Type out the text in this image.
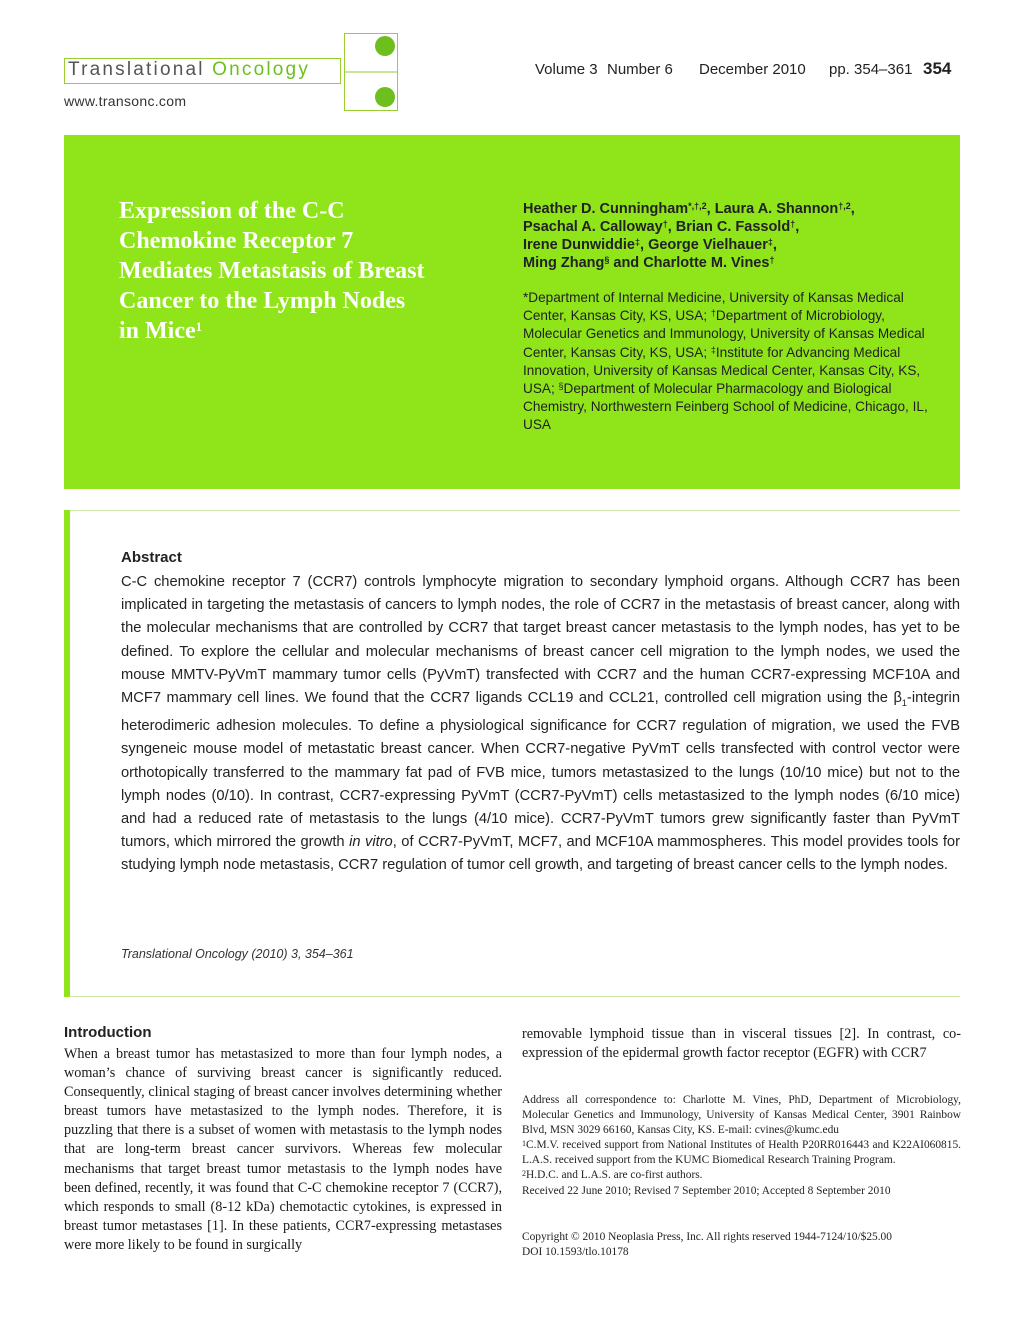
Translational Oncology
www.transonc.com
Volume 3 Number 6 December 2010 pp. 354–361 354
Expression of the C-C Chemokine Receptor 7 Mediates Metastasis of Breast Cancer to the Lymph Nodes in Mice$^1$
Heather D. Cunningham$^{*,\dagger,2}$, Laura A. Shannon$^{\dagger,2}$,
Psachal A. Calloway†, Brian C. Fassold†,
Irene Dunwiddie‡, George Vielhauer‡,
Ming Zhang§ and Charlotte M. Vines†
*Department of Internal Medicine, University of Kansas Medical Center, Kansas City, KS, USA; †Department of Microbiology, Molecular Genetics and Immunology, University of Kansas Medical Center, Kansas City, KS, USA; ‡Institute for Advancing Medical Innovation, University of Kansas Medical Center, Kansas City, KS, USA; §Department of Molecular Pharmacology and Biological Chemistry, Northwestern Feinberg School of Medicine, Chicago, IL, USA
Abstract
C-C chemokine receptor 7 (CCR7) controls lymphocyte migration to secondary lymphoid organs. Although CCR7 has been implicated in targeting the metastasis of cancers to lymph nodes, the role of CCR7 in the metastasis of breast cancer, along with the molecular mechanisms that are controlled by CCR7 that target breast cancer metastasis to the lymph nodes, has yet to be defined. To explore the cellular and molecular mechanisms of breast cancer cell migration to the lymph nodes, we used the mouse MMTV-PyVmT mammary tumor cells (PyVmT) transfected with CCR7 and the human CCR7-expressing MCF10A and MCF7 mammary cell lines. We found that the CCR7 ligands CCL19 and CCL21, controlled cell migration using the $\beta_1$-integrin heterodimeric adhesion molecules. To define a physiological significance for CCR7 regulation of migration, we used the FVB syngeneic mouse model of metastatic breast cancer. When CCR7-negative PyVmT cells transfected with control vector were orthotopically transferred to the mammary fat pad of FVB mice, tumors metastasized to the lungs (10/10 mice) but not to the lymph nodes (0/10). In contrast, CCR7-expressing PyVmT (CCR7-PyVmT) cells metastasized to the lymph nodes (6/10 mice) and had a reduced rate of metastasis to the lungs (4/10 mice). CCR7-PyVmT tumors grew significantly faster than PyVmT tumors, which mirrored the growth in vitro, of CCR7-PyVmT, MCF7, and MCF10A mammospheres. This model provides tools for studying lymph node metastasis, CCR7 regulation of tumor cell growth, and targeting of breast cancer cells to the lymph nodes.
Translational Oncology (2010) 3, 354–361
Introduction
When a breast tumor has metastasized to more than four lymph nodes, a woman’s chance of surviving breast cancer is significantly reduced. Consequently, clinical staging of breast cancer involves determining whether breast tumors have metastasized to the lymph nodes. Therefore, it is puzzling that there is a subset of women with metastasis to the lymph nodes that are long-term breast cancer survivors. Whereas few molecular mechanisms that target breast tumor metastasis to the lymph nodes have been defined, recently, it was found that C-C chemokine receptor 7 (CCR7), which responds to small (8-12 kDa) chemotactic cytokines, is expressed in breast tumor metastases [1]. In these patients, CCR7-expressing metastases were more likely to be found in surgically
removable lymphoid tissue than in visceral tissues [2]. In contrast, co-expression of the epidermal growth factor receptor (EGFR) with CCR7

Address all correspondence to: Charlotte M. Vines, PhD, Department of Microbiology, Molecular Genetics and Immunology, University of Kansas Medical Center, 3901 Rainbow Blvd, MSN 3029 66160, Kansas City, KS. E-mail: cvines@kumc.edu

$^1$C.M.V. received support from National Institutes of Health P20RR016443 and K22AI060815. L.A.S. received support from the KUMC Biomedical Research Training Program.

$^2$H.D.C. and L.A.S. are co-first authors.

Received 22 June 2010; Revised 7 September 2010; Accepted 8 September 2010

Copyright © 2010 Neoplasia Press, Inc. All rights reserved 1944-7124/10/$25.00

DOI 10.1593/tlo.10178
